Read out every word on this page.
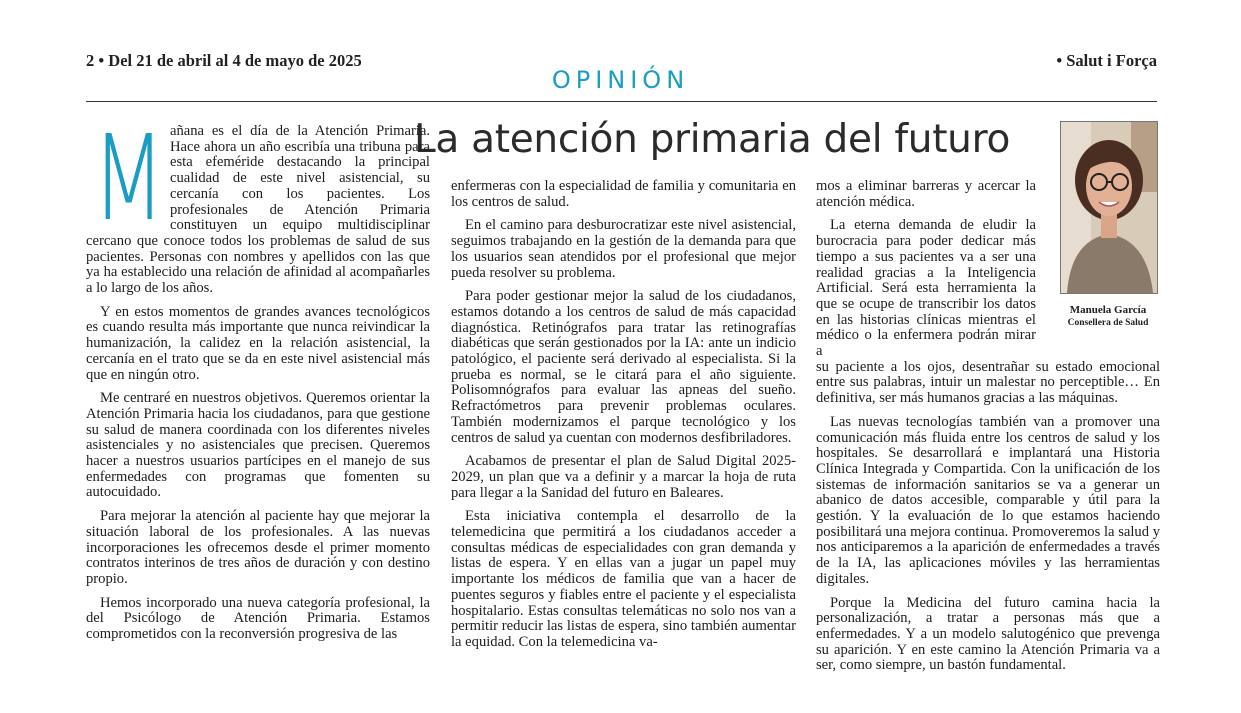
2 • Del 21 de abril al 4 de mayo de 2025	• Salut i Força
OPINIÓN
La atención primaria del futuro
Manuela García
Consellera de Salud

Mañana es el día de la Atención Primaria. Hace ahora un año escribía una tribuna para esta efeméride destacando la principal cualidad de este nivel asistencial, su cercanía con los pacientes. Los profesionales de Atención Primaria constituyen un equipo multidisciplinar cercano que conoce todos los problemas de salud de sus pacientes. Personas con nombres y apellidos con las que ya ha establecido una relación de afinidad al acompañarles a lo largo de los años.

Y en estos momentos de grandes avances tecnológicos es cuando resulta más importante que nunca reivindicar la humanización, la calidez en la relación asistencial, la cercanía en el trato que se da en este nivel asistencial más que en ningún otro.

Me centraré en nuestros objetivos. Queremos orientar la Atención Primaria hacia los ciudadanos, para que gestione su salud de manera coordinada con los diferentes niveles asistenciales y no asistenciales que precisen. Queremos hacer a nuestros usuarios partícipes en el manejo de sus enfermedades con programas que fomenten su autocuidado.

Para mejorar la atención al paciente hay que mejorar la situación laboral de los profesionales. A las nuevas incorporaciones les ofrecemos desde el primer momento contratos interinos de tres años de duración y con destino propio.

Hemos incorporado una nueva categoría profesional, la del Psicólogo de Atención Primaria. Estamos comprometidos con la reconversión progresiva de las

enfermeras con la especialidad de familia y comunitaria en los centros de salud.

En el camino para desburocratizar este nivel asistencial, seguimos trabajando en la gestión de la demanda para que los usuarios sean atendidos por el profesional que mejor pueda resolver su problema.

Para poder gestionar mejor la salud de los ciudadanos, estamos dotando a los centros de salud de más capacidad diagnóstica. Retinógrafos para tratar las retinografías diabéticas que serán gestionados por la IA: ante un indicio patológico, el paciente será derivado al especialista. Si la prueba es normal, se le citará para el año siguiente. Polisomnógrafos para evaluar las apneas del sueño. Refractómetros para prevenir problemas oculares. También modernizamos el parque tecnológico y los centros de salud ya cuentan con modernos desfibriladores.

Acabamos de presentar el plan de Salud Digital 2025-2029, un plan que va a definir y a marcar la hoja de ruta para llegar a la Sanidad del futuro en Baleares.

Esta iniciativa contempla el desarrollo de la telemedicina que permitirá a los ciudadanos acceder a consultas médicas de especialidades con gran demanda y listas de espera. Y en ellas van a jugar un papel muy importante los médicos de familia que van a hacer de puentes seguros y fiables entre el paciente y el especialista hospitalario. Estas consultas telemáticas no solo nos van a permitir reducir las listas de espera, sino también aumentar la equidad. Con la telemedicina va-

mos a eliminar barreras y acercar la atención médica.

La eterna demanda de eludir la burocracia para poder dedicar más tiempo a sus pacientes va a ser una realidad gracias a la Inteligencia Artificial. Será esta herramienta la que se ocupe de transcribir los datos en las historias clínicas mientras el médico o la enfermera podrán mirar a

su paciente a los ojos, desentrañar su estado emocional entre sus palabras, intuir un malestar no perceptible… En definitiva, ser más humanos gracias a las máquinas.

Las nuevas tecnologías también van a promover una comunicación más fluida entre los centros de salud y los hospitales. Se desarrollará e implantará una Historia Clínica Integrada y Compartida. Con la unificación de los sistemas de información sanitarios se va a generar un abanico de datos accesible, comparable y útil para la gestión. Y la evaluación de lo que estamos haciendo posibilitará una mejora continua. Promoveremos la salud y nos anticiparemos a la aparición de enfermedades a través de la IA, las aplicaciones móviles y las herramientas digitales.

Porque la Medicina del futuro camina hacia la personalización, a tratar a personas más que a enfermedades. Y a un modelo salutogénico que prevenga su aparición. Y en este camino la Atención Primaria va a ser, como siempre, un bastón fundamental.
